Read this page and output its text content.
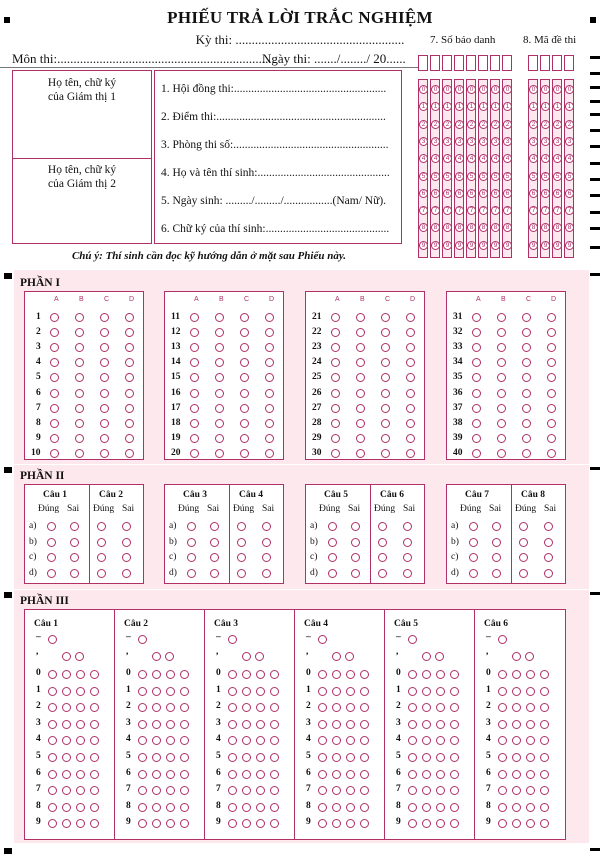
PHIẾU TRẢ LỜI TRẮC NGHIỆM
Kỳ thi: ....................................................
Môn thi:...................................................................
Ngày thi: ......./......../ 20......
Họ tên, chữ ký
của Giám thị 1
Họ tên, chữ ký
của Giám thị 2
1. Hội đồng thi:.....................................................
2. Điểm thi:...........................................................
3. Phòng thi số:......................................................
4. Họ và tên thí sinh:..............................................
5. Ngày sinh: ........./........./.................(Nam/ Nữ).
6. Chữ ký của thí sinh:...........................................
7. Số báo danh	8. Mã đề thi
0
1
2
3
4
5
6
7
8
9
0
1
2
3
4
5
6
7
8
9
0
1
2
3
4
5
6
7
8
9
0
1
2
3
4
5
6
7
8
9
0
1
2
3
4
5
6
7
8
9
0
1
2
3
4
5
6
7
8
9
0
1
2
3
4
5
6
7
8
9
0
1
2
3
4
5
6
7
8
9
0
1
2
3
4
5
6
7
8
9
0
1
2
3
4
5
6
7
8
9
0
1
2
3
4
5
6
7
8
9
0
1
2
3
4
5
6
7
8
9
Chú ý: Thí sinh cần đọc kỹ hướng dẫn ở mặt sau Phiếu này.
PHẦN I
A	B	C	D
1
2
3
4
5
6
7
8
9
10
A	B	C	D
11
12
13
14
15
16
17
18
19
20
A	B	C	D
21
22
23
24
25
26
27
28
29
30
A	B	C	D
31
32
33
34
35
36
37
38
39
40
PHẦN II
Câu 1
Đúng Sai
Câu 2
Đúng Sai
a)
b)
c)
d)
Câu 3
Đúng Sai
Câu 4
Đúng Sai
a)
b)
c)
d)
Câu 5
Đúng Sai
Câu 6
Đúng Sai
a)
b)
c)
d)
Câu 7
Đúng Sai
Câu 8
Đúng Sai
a)
b)
c)
d)
PHẦN III
Câu 1
–
,
0
1
2
3
4
5
6
7
8
9
Câu 2
–
,
0
1
2
3
4
5
6
7
8
9
Câu 3
–
,
0
1
2
3
4
5
6
7
8
9
Câu 4
–
,
0
1
2
3
4
5
6
7
8
9
Câu 5
–
,
0
1
2
3
4
5
6
7
8
9
Câu 6
–
,
0
1
2
3
4
5
6
7
8
9
